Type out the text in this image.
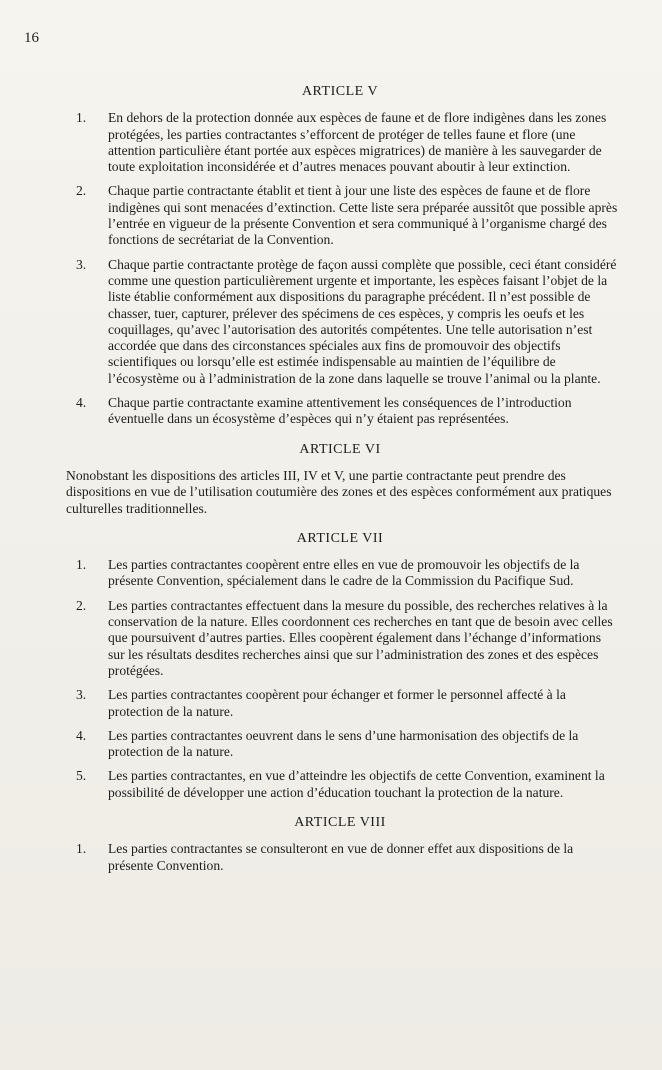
16
ARTICLE V
1. En dehors de la protection donnée aux espèces de faune et de flore indigènes dans les zones protégées, les parties contractantes s’efforcent de protéger de telles faune et flore (une attention particulière étant portée aux espèces migratrices) de manière à les sauvegarder de toute exploitation inconsidérée et d’autres menaces pouvant aboutir à leur extinction.
2. Chaque partie contractante établit et tient à jour une liste des espèces de faune et de flore indigènes qui sont menacées d’extinction. Cette liste sera préparée aussitôt que possible après l’entrée en vigueur de la présente Convention et sera communiqué à l’organisme chargé des fonctions de secrétariat de la Convention.
3. Chaque partie contractante protège de façon aussi complète que possible, ceci étant considéré comme une question particulièrement urgente et importante, les espèces faisant l’objet de la liste établie conformément aux dispositions du paragraphe précédent. Il n’est possible de chasser, tuer, capturer, prélever des spécimens de ces espèces, y compris les oeufs et les coquillages, qu’avec l’autorisation des autorités compétentes. Une telle autorisation n’est accordée que dans des circonstances spéciales aux fins de promouvoir des objectifs scientifiques ou lorsqu’elle est estimée indispensable au maintien de l’équilibre de l’écosystème ou à l’administration de la zone dans laquelle se trouve l’animal ou la plante.
4. Chaque partie contractante examine attentivement les conséquences de l’introduction éventuelle dans un écosystème d’espèces qui n’y étaient pas représentées.
ARTICLE VI

Nonobstant les dispositions des articles III, IV et V, une partie contractante peut prendre des dispositions en vue de l’utilisation coutumière des zones et des espèces conformément aux pratiques culturelles traditionnelles.

ARTICLE VII
1. Les parties contractantes coopèrent entre elles en vue de promouvoir les objectifs de la présente Convention, spécialement dans le cadre de la Commission du Pacifique Sud.
2. Les parties contractantes effectuent dans la mesure du possible, des recherches relatives à la conservation de la nature. Elles coordonnent ces recherches en tant que de besoin avec celles que poursuivent d’autres parties. Elles coopèrent également dans l’échange d’informations sur les résultats desdites recherches ainsi que sur l’administration des zones et des espèces protégées.
3. Les parties contractantes coopèrent pour échanger et former le personnel affecté à la protection de la nature.
4. Les parties contractantes oeuvrent dans le sens d’une harmonisation des objectifs de la protection de la nature.
5. Les parties contractantes, en vue d’atteindre les objectifs de cette Convention, examinent la possibilité de développer une action d’éducation touchant la protection de la nature.
ARTICLE VIII
1. Les parties contractantes se consulteront en vue de donner effet aux dispositions de la présente Convention.
